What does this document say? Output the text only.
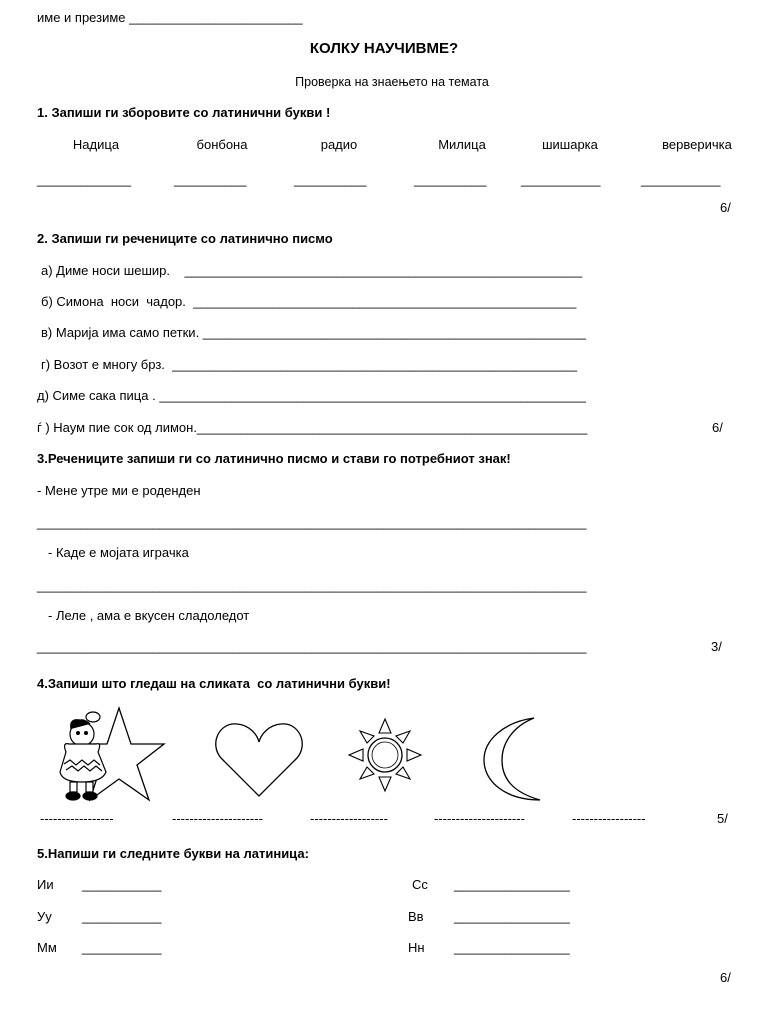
име и презиме ________________________
КОЛКУ НАУЧИВМЕ?
Проверка на знаењето на темата
1. Запиши ги зборовите со латинични букви !
Надица	бонбона	радио	Милица	шишарка	верверичка
_____________	__________	__________	__________	___________	___________
6/
2. Запиши ги речениците со латинично писмо
а) Диме носи шешир.    _______________________________________________________
б) Симона  носи  чадор.  _____________________________________________________
в) Марија има само петки. _____________________________________________________
г) Возот е многу брз.  ________________________________________________________
д) Симе сака пица . ___________________________________________________________
ѓ ) Наум пие сок од лимон.______________________________________________________	6/
3.Речениците запиши ги со латинично писмо и стави го потребниот знак!
- Мене утре ми е роденден
____________________________________________________________________________
- Каде е мојата играчка
____________________________________________________________________________
- Леле , ама е вкусен сладоледот
____________________________________________________________________________	3/
4.Запиши што гледаш на сликата  со латинични букви!
-----------------	---------------------	------------------	---------------------	-----------------	5/
5.Напиши ги следните букви на латиница:
Ии ___________
Уу ___________
Мм ___________
Сс ________________
Вв ________________
Нн ________________
6/
